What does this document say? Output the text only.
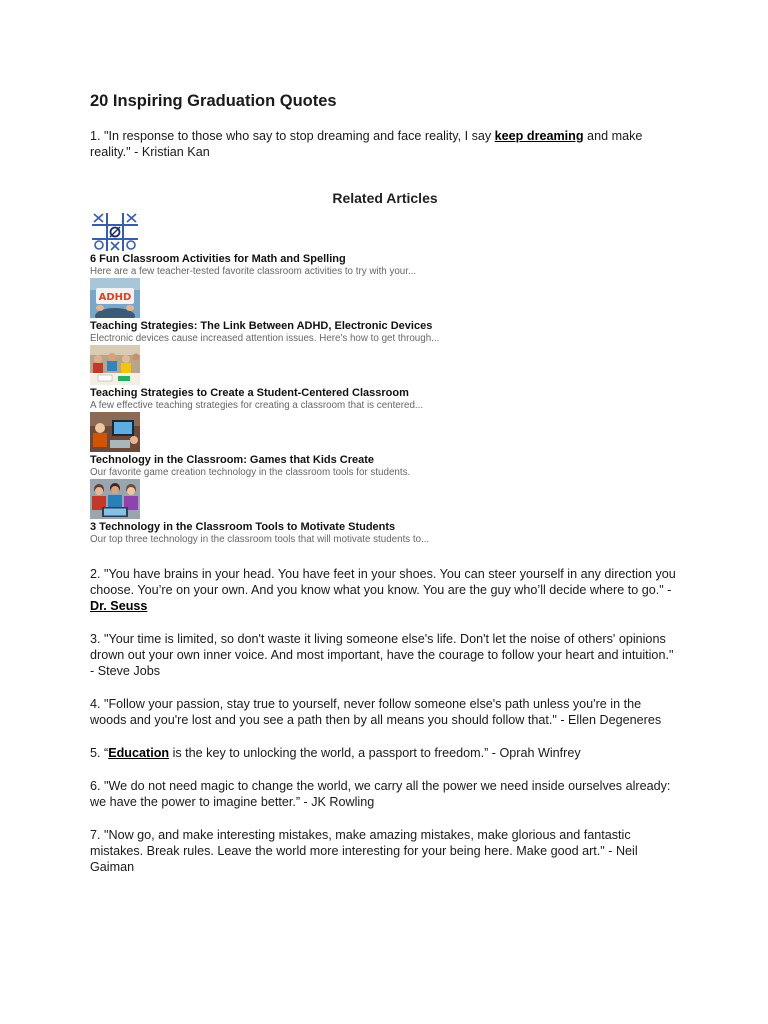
20 Inspiring Graduation Quotes

1. "In response to those who say to stop dreaming and face reality, I say keep dreaming and make reality." - Kristian Kan

Related Articles
6 Fun Classroom Activities for Math and Spelling
Here are a few teacher-tested favorite classroom activities to try with your...
ADHD
Teaching Strategies: The Link Between ADHD, Electronic Devices
Electronic devices cause increased attention issues. Here's how to get through...
Teaching Strategies to Create a Student-Centered Classroom
A few effective teaching strategies for creating a classroom that is centered...
Technology in the Classroom: Games that Kids Create
Our favorite game creation technology in the classroom tools for students.
3 Technology in the Classroom Tools to Motivate Students
Our top three technology in the classroom tools that will motivate students to...

2. "You have brains in your head. You have feet in your shoes. You can steer yourself in any direction you choose. You’re on your own. And you know what you know. You are the guy who’ll decide where to go." - Dr. Seuss

3. "Your time is limited, so don't waste it living someone else's life. Don't let the noise of others' opinions drown out your own inner voice. And most important, have the courage to follow your heart and intuition." - Steve Jobs

4. "Follow your passion, stay true to yourself, never follow someone else's path unless you're in the woods and you're lost and you see a path then by all means you should follow that." - Ellen Degeneres

5. “Education is the key to unlocking the world, a passport to freedom.” - Oprah Winfrey

6. "We do not need magic to change the world, we carry all the power we need inside ourselves already: we have the power to imagine better.” - JK Rowling

7. "Now go, and make interesting mistakes, make amazing mistakes, make glorious and fantastic mistakes. Break rules. Leave the world more interesting for your being here. Make good art." - Neil Gaiman
